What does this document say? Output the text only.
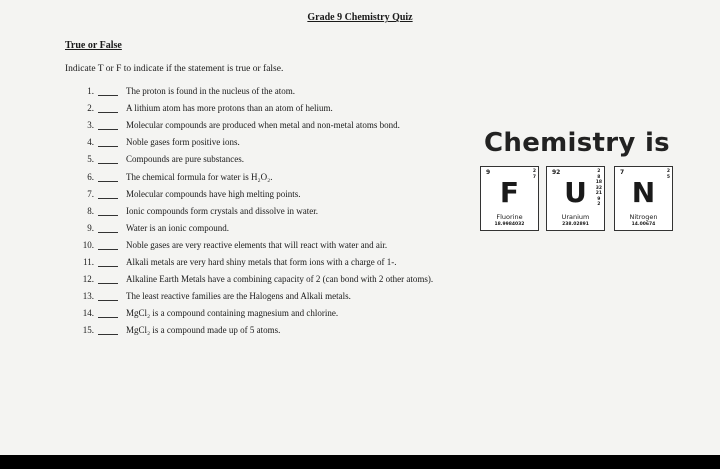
Grade 9 Chemistry Quiz
True or False
Indicate T or F to indicate if the statement is true or false.
1.	The proton is found in the nucleus of the atom.
2.	A lithium atom has more protons than an atom of helium.
3.	Molecular compounds are produced when metal and non-metal atoms bond.
4.	Noble gases form positive ions.
5.	Compounds are pure substances.
6.	The chemical formula for water is H₂O₂.
7.	Molecular compounds have high melting points.
8.	Ionic compounds form crystals and dissolve in water.
9.	Water is an ionic compound.
10.	Noble gases are very reactive elements that will react with water and air.
11.	Alkali metals are very hard shiny metals that form ions with a charge of 1-.
12.	Alkaline Earth Metals have a combining capacity of 2 (can bond with 2 other atoms).
13.	The least reactive families are the Halogens and Alkali metals.
14.	MgCl₂ is a compound containing magnesium and chlorine.
15.	MgCl₂ is a compound made up of 5 atoms.
Chemistry is
9	2
7
F
Fluorine
18.9984032
92	2
8
18
32
21
9
2
U
Uranium
238.02891
7	2
5
N
Nitrogen
14.00674
